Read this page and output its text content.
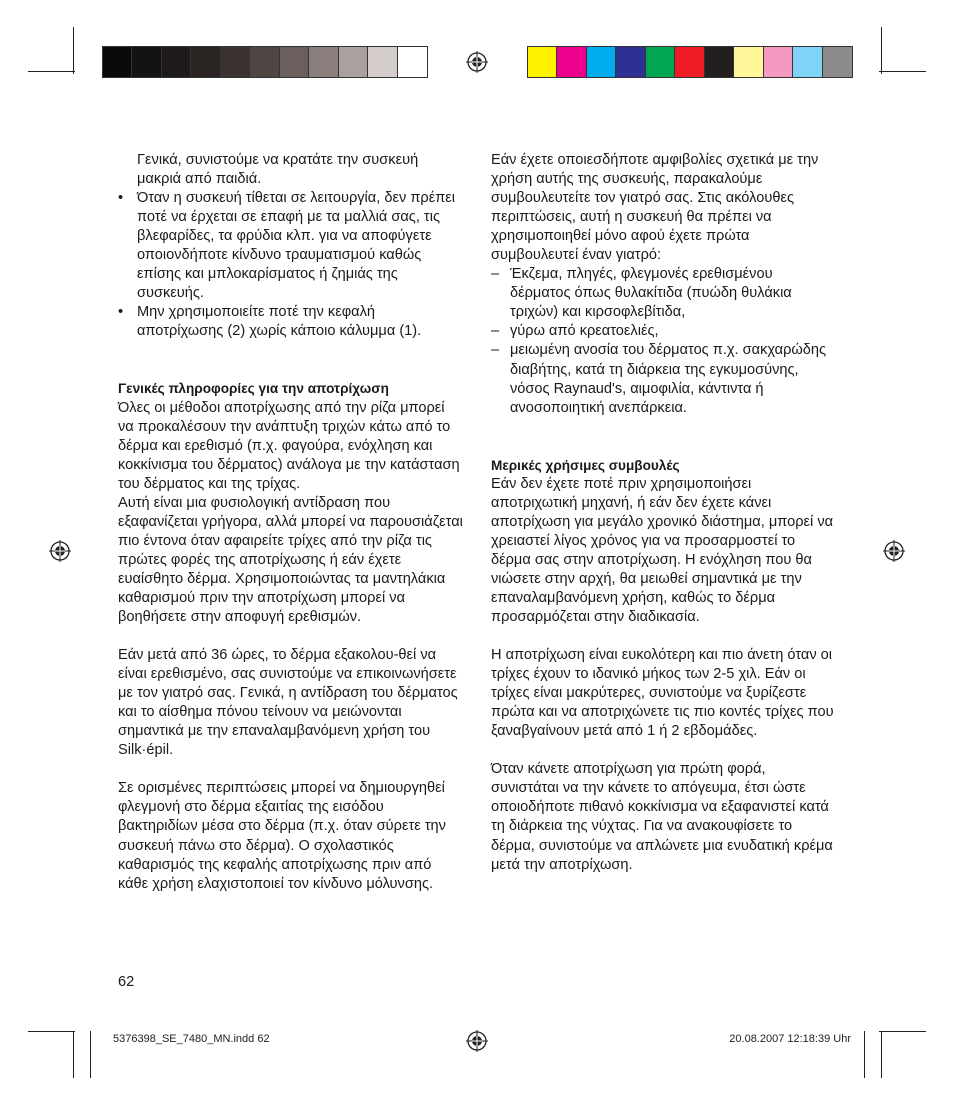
Γενικά, συνιστούμε να κρατάτε την συσκευή μακριά από παιδιά.

• Όταν η συσκευή τίθεται σε λειτουργία, δεν πρέπει ποτέ να έρχεται σε επαφή με τα μαλλιά σας, τις βλεφαρίδες, τα φρύδια κλπ. για να αποφύγετε οποιονδήποτε κίνδυνο τραυματισμού καθώς επίσης και μπλοκαρίσματος ή ζημιάς της συσκευής.

• Μην χρησιμοποιείτε ποτέ την κεφαλή αποτρίχωσης (2) χωρίς κάποιο κάλυμμα (1).

Γενικές πληροφορίες για την αποτρίχωση

Όλες οι μέθοδοι αποτρίχωσης από την ρίζα μπορεί να προκαλέσουν την ανάπτυξη τριχών κάτω από το δέρμα και ερεθισμό (π.χ. φαγούρα, ενόχληση και κοκκίνισμα του δέρματος) ανάλογα με την κατάσταση του δέρματος και της τρίχας.

Αυτή είναι μια φυσιολογική αντίδραση που εξαφανίζεται γρήγορα, αλλά μπορεί να παρουσιάζεται πιο έντονα όταν αφαιρείτε τρίχες από την ρίζα τις πρώτες φορές της αποτρίχωσης ή εάν έχετε ευαίσθητο δέρμα. Χρησιμοποιώντας τα μαντηλάκια καθαρισμού πριν την αποτρίχωση μπορεί να βοηθήσετε στην αποφυγή ερεθισμών.

Εάν μετά από 36 ώρες, το δέρμα εξακολου-θεί να είναι ερεθισμένο, σας συνιστούμε να επικοινωνήσετε με τον γιατρό σας. Γενικά, η αντίδραση του δέρματος και το αίσθημα πόνου τείνουν να μειώνονται σημαντικά με την επαναλαμβανόμενη χρήση του Silk·épil.

Σε ορισμένες περιπτώσεις μπορεί να δημιουργηθεί φλεγμονή στο δέρμα εξαιτίας της εισόδου βακτηριδίων μέσα στο δέρμα (π.χ. όταν σύρετε την συσκευή πάνω στο δέρμα). Ο σχολαστικός καθαρισμός της κεφαλής αποτρίχωσης πριν από κάθε χρήση ελαχιστοποιεί τον κίνδυνο μόλυνσης.

62

Εάν έχετε οποιεσδήποτε αμφιβολίες σχετικά με την χρήση αυτής της συσκευής, παρακαλούμε συμβουλευτείτε τον γιατρό σας. Στις ακόλουθες περιπτώσεις, αυτή η συσκευή θα πρέπει να χρησιμοποιηθεί μόνο αφού έχετε πρώτα συμβουλευτεί έναν γιατρό:

– Έκζεμα, πληγές, φλεγμονές ερεθισμένου δέρματος όπως θυλακίτιδα (πυώδη θυλάκια τριχών) και κιρσοφλεβίτιδα,

– γύρω από κρεατοελιές,

– μειωμένη ανοσία του δέρματος π.χ. σακχαρώδης διαβήτης, κατά τη διάρκεια της εγκυμοσύνης, νόσος Raynaud's, αιμοφιλία, κάντιντα ή ανοσοποιητική ανεπάρκεια.

Μερικές χρήσιμες συμβουλές

Εάν δεν έχετε ποτέ πριν χρησιμοποιήσει αποτριχωτική μηχανή, ή εάν δεν έχετε κάνει αποτρίχωση για μεγάλο χρονικό διάστημα, μπορεί να χρειαστεί λίγος χρόνος για να προσαρμοστεί το δέρμα σας στην αποτρίχωση. Η ενόχληση που θα νιώσετε στην αρχή, θα μειωθεί σημαντικά με την επαναλαμβανόμενη χρήση, καθώς το δέρμα προσαρμόζεται στην διαδικασία.

Η αποτρίχωση είναι ευκολότερη και πιο άνετη όταν οι τρίχες έχουν το ιδανικό μήκος των 2-5 χιλ. Εάν οι τρίχες είναι μακρύτερες, συνιστούμε να ξυρίζεστε πρώτα και να αποτριχώνετε τις πιο κοντές τρίχες που ξαναβγαίνουν μετά από 1 ή 2 εβδομάδες.

Όταν κάνετε αποτρίχωση για πρώτη φορά, συνιστάται να την κάνετε το απόγευμα, έτσι ώστε οποιοδήποτε πιθανό κοκκίνισμα να εξαφανιστεί κατά τη διάρκεια της νύχτας. Για να ανακουφίσετε το δέρμα, συνιστούμε να απλώνετε μια ενυδατική κρέμα μετά την αποτρίχωση.

5376398_SE_7480_MN.indd 62	20.08.2007 12:18:39 Uhr
